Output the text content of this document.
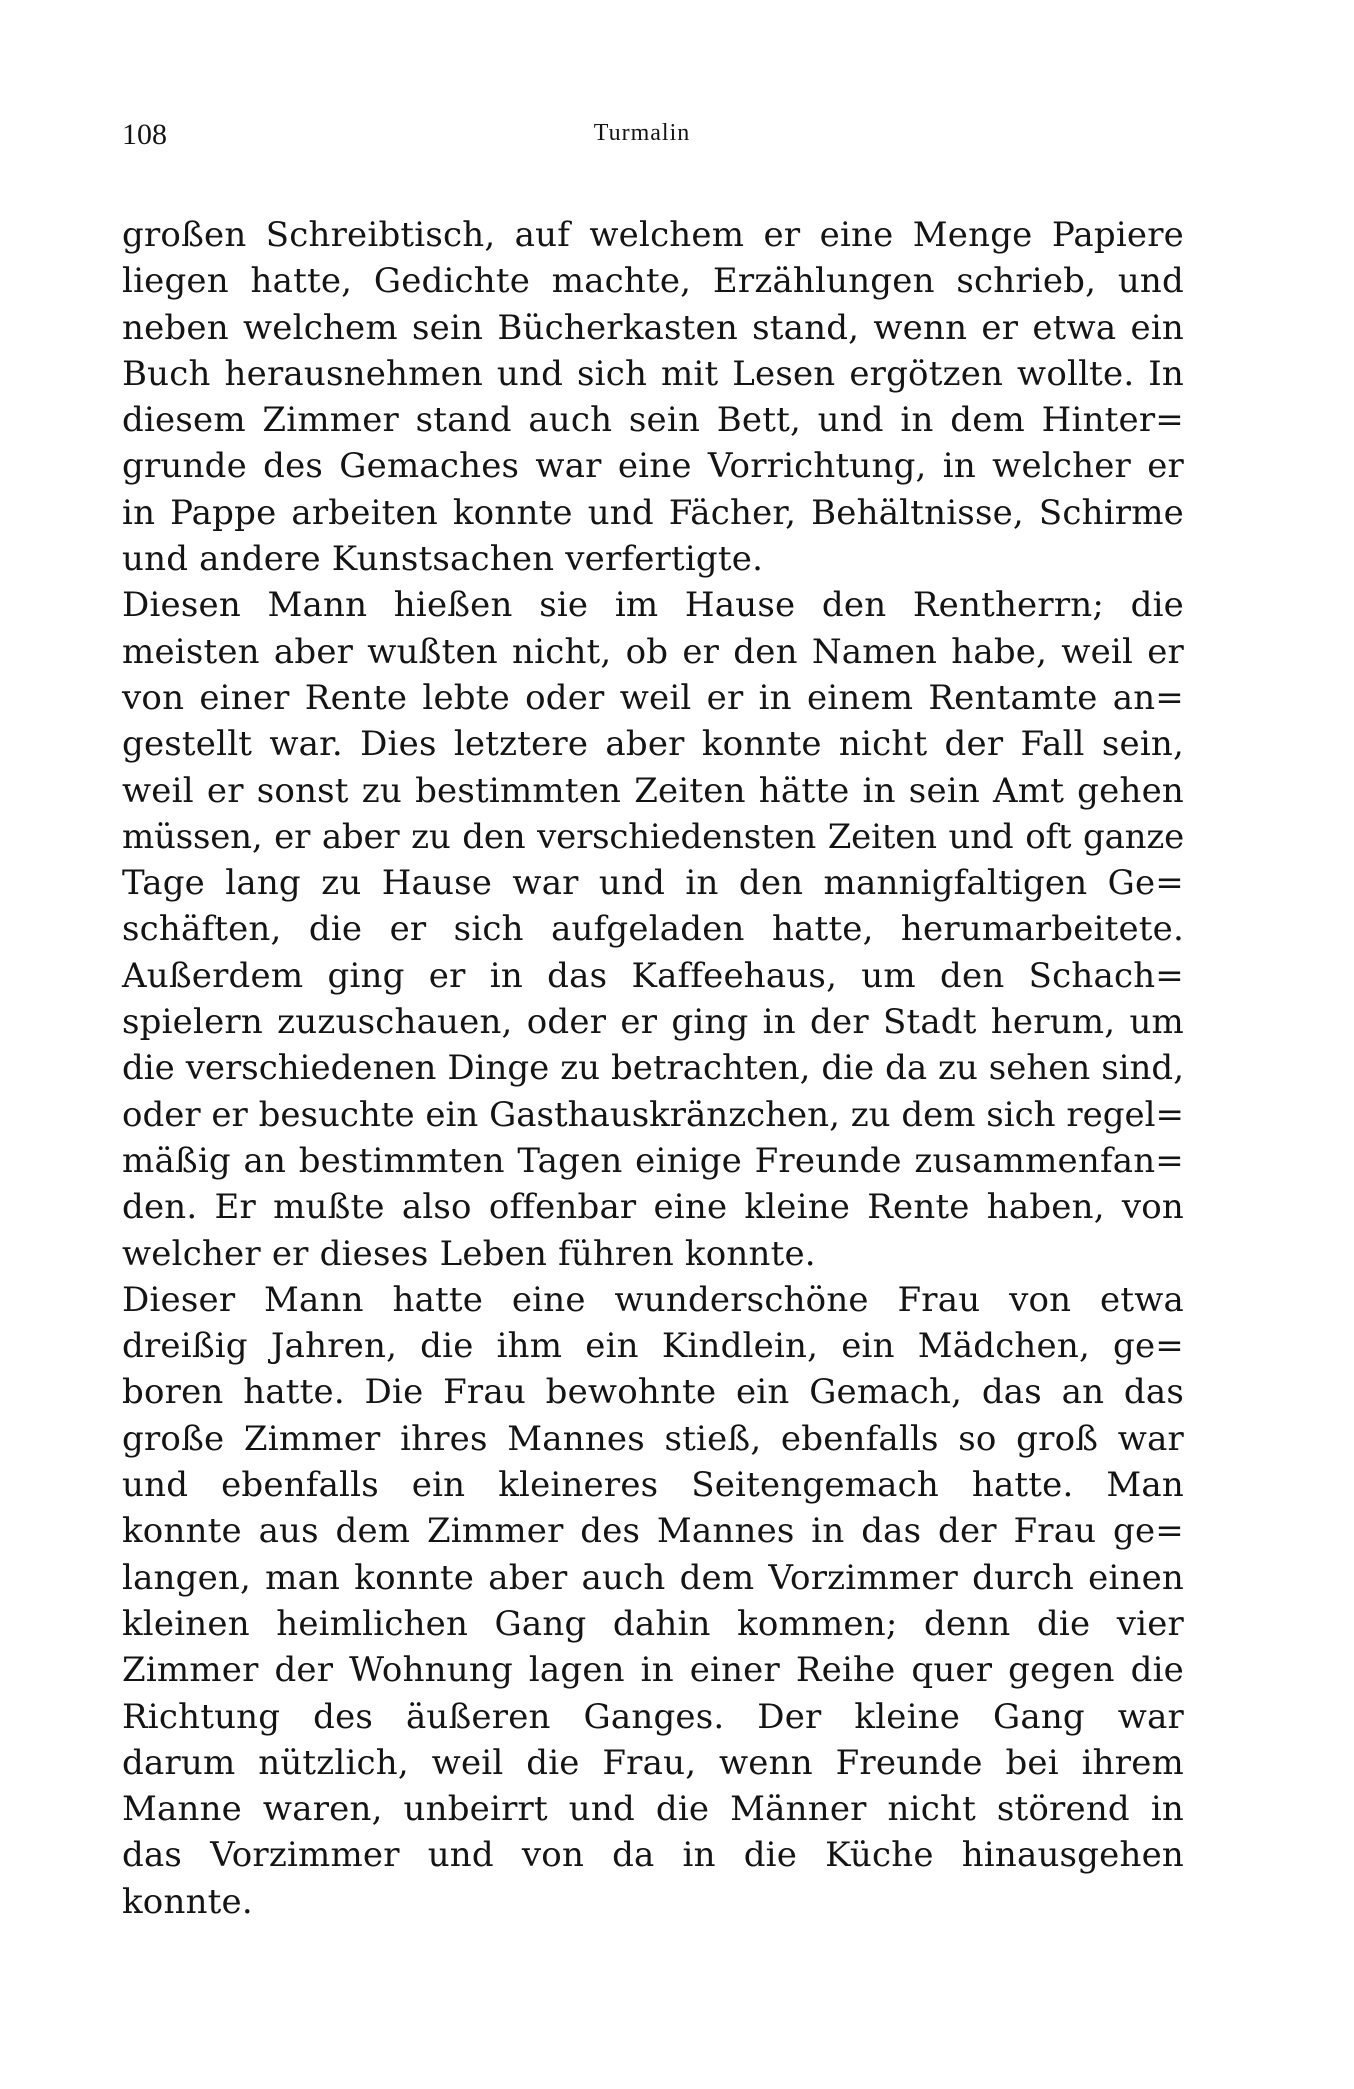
108	Turmalin
großen Schreibtisch, auf welchem er eine Menge Papiere
liegen hatte, Gedichte machte, Erzählungen schrieb, und
neben welchem sein Bücherkasten stand, wenn er etwa ein
Buch herausnehmen und sich mit Lesen ergötzen wollte. In
diesem Zimmer stand auch sein Bett, und in dem Hinter=
grunde des Gemaches war eine Vorrichtung, in welcher er
in Pappe arbeiten konnte und Fächer, Behältnisse, Schirme
und andere Kunstsachen verfertigte.
Diesen Mann hießen sie im Hause den Rentherrn; die
meisten aber wußten nicht, ob er den Namen habe, weil er
von einer Rente lebte oder weil er in einem Rentamte an=
gestellt war. Dies letztere aber konnte nicht der Fall sein,
weil er sonst zu bestimmten Zeiten hätte in sein Amt gehen
müssen, er aber zu den verschiedensten Zeiten und oft ganze
Tage lang zu Hause war und in den mannigfaltigen Ge=
schäften, die er sich aufgeladen hatte, herumarbeitete.
Außerdem ging er in das Kaffeehaus, um den Schach=
spielern zuzuschauen, oder er ging in der Stadt herum, um
die verschiedenen Dinge zu betrachten, die da zu sehen sind,
oder er besuchte ein Gasthauskränzchen, zu dem sich regel=
mäßig an bestimmten Tagen einige Freunde zusammenfan=
den. Er mußte also offenbar eine kleine Rente haben, von
welcher er dieses Leben führen konnte.
Dieser Mann hatte eine wunderschöne Frau von etwa
dreißig Jahren, die ihm ein Kindlein, ein Mädchen, ge=
boren hatte. Die Frau bewohnte ein Gemach, das an das
große Zimmer ihres Mannes stieß, ebenfalls so groß war
und ebenfalls ein kleineres Seitengemach hatte. Man
konnte aus dem Zimmer des Mannes in das der Frau ge=
langen, man konnte aber auch dem Vorzimmer durch einen
kleinen heimlichen Gang dahin kommen; denn die vier
Zimmer der Wohnung lagen in einer Reihe quer gegen die
Richtung des äußeren Ganges. Der kleine Gang war
darum nützlich, weil die Frau, wenn Freunde bei ihrem
Manne waren, unbeirrt und die Männer nicht störend in
das Vorzimmer und von da in die Küche hinausgehen
konnte.
